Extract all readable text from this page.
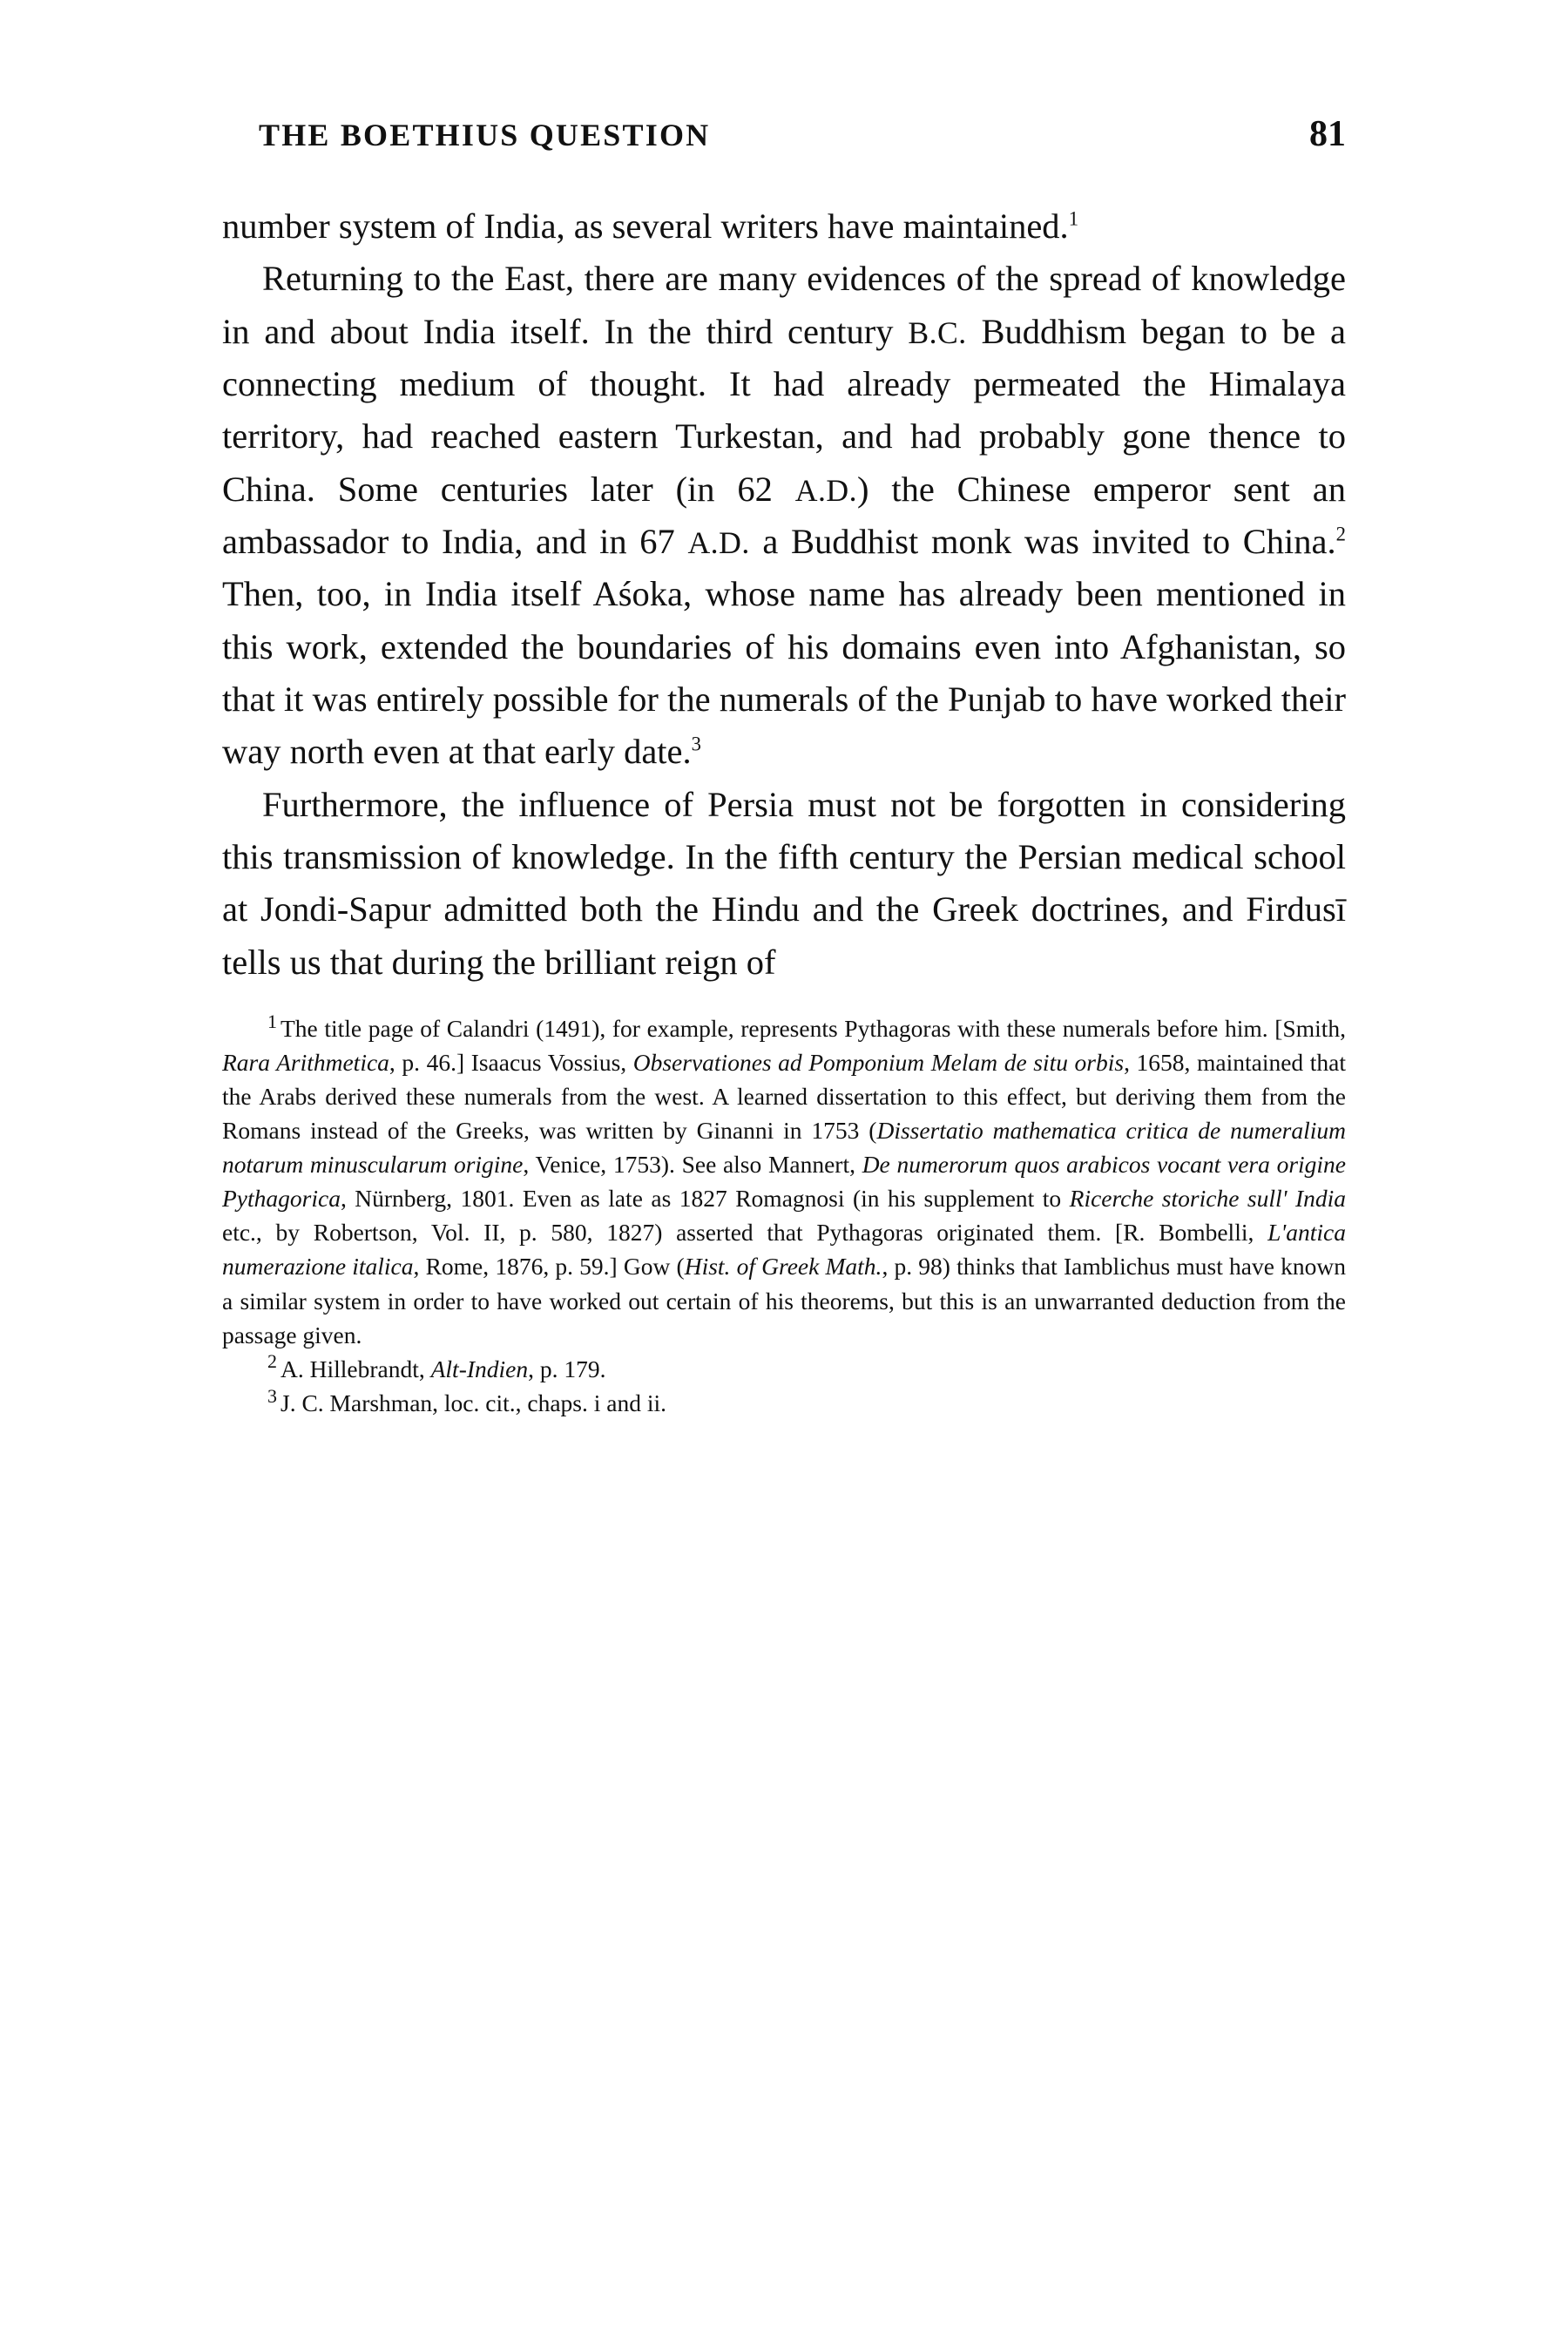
THE BOETHIUS QUESTION	81

number system of India, as several writers have maintained.$^1$

Returning to the East, there are many evidences of the spread of knowledge in and about India itself. In the third century B.C. Buddhism began to be a connecting medium of thought. It had already permeated the Himalaya territory, had reached eastern Turkestan, and had probably gone thence to China. Some centuries later (in 62 A.D.) the Chinese emperor sent an ambassador to India, and in 67 A.D. a Buddhist monk was invited to China.$^2$ Then, too, in India itself Aśoka, whose name has already been mentioned in this work, extended the boundaries of his domains even into Afghanistan, so that it was entirely possible for the numerals of the Punjab to have worked their way north even at that early date.$^3$

Furthermore, the influence of Persia must not be forgotten in considering this transmission of knowledge. In the fifth century the Persian medical school at Jondi-Sapur admitted both the Hindu and the Greek doctrines, and Firdusī tells us that during the brilliant reign of

$^1$ The title page of Calandri (1491), for example, represents Pythagoras with these numerals before him. [Smith, Rara Arithmetica, p. 46.] Isaacus Vossius, Observationes ad Pomponium Melam de situ orbis, 1658, maintained that the Arabs derived these numerals from the west. A learned dissertation to this effect, but deriving them from the Romans instead of the Greeks, was written by Ginanni in 1753 (Dissertatio mathematica critica de numeralium notarum minuscularum origine, Venice, 1753). See also Mannert, De numerorum quos arabicos vocant vera origine Pythagorica, Nürnberg, 1801. Even as late as 1827 Romagnosi (in his supplement to Ricerche storiche sull' India etc., by Robertson, Vol. II, p. 580, 1827) asserted that Pythagoras originated them. [R. Bombelli, L'antica numerazione italica, Rome, 1876, p. 59.] Gow (Hist. of Greek Math., p. 98) thinks that Iamblichus must have known a similar system in order to have worked out certain of his theorems, but this is an unwarranted deduction from the passage given.

$^2$ A. Hillebrandt, Alt-Indien, p. 179.

$^3$ J. C. Marshman, loc. cit., chaps. i and ii.
